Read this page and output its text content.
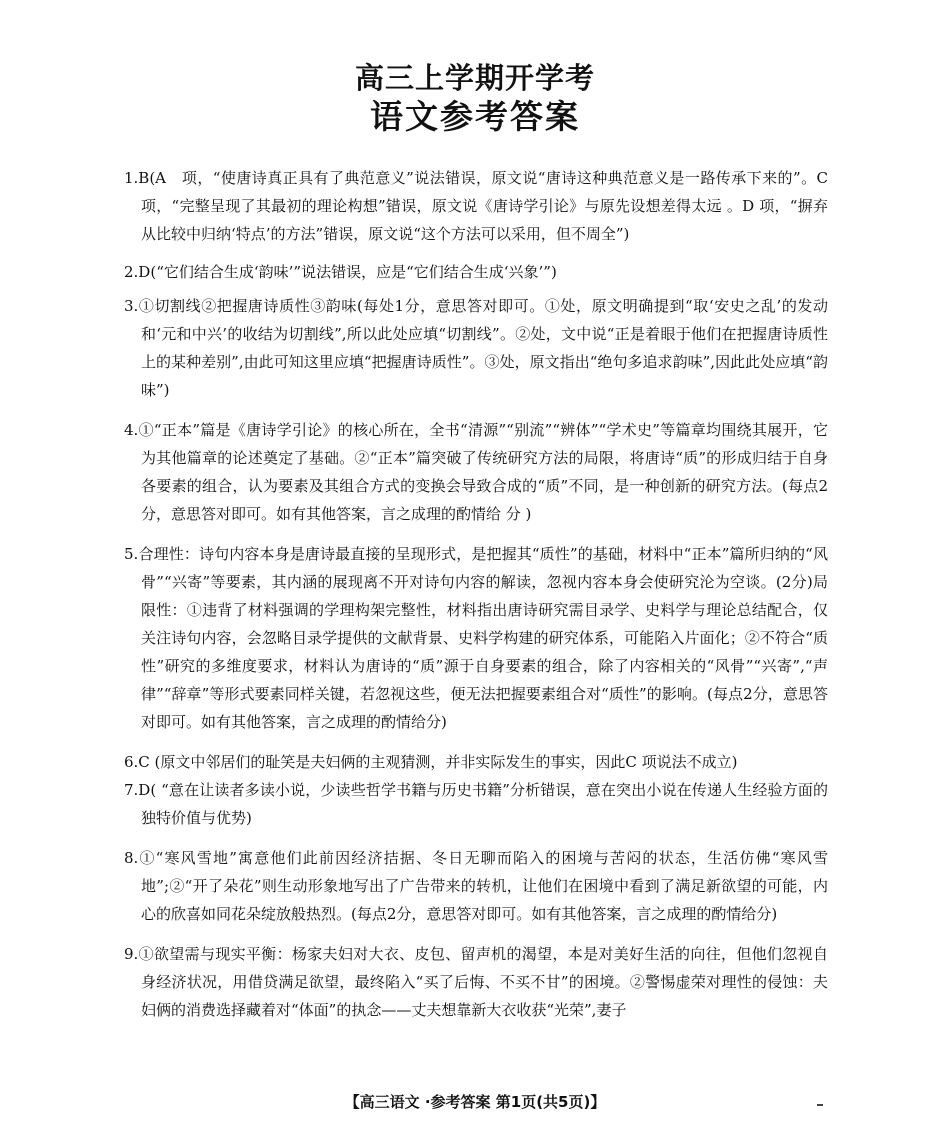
高三上学期开学考
语文参考答案

1.B(A　项，“使唐诗真正具有了典范意义”说法错误，原文说“唐诗这种典范意义是一路传承下来的”。C 项，“完整呈现了其最初的理论构想”错误，原文说《唐诗学引论》与原先设想差得太远 。D 项，“摒弃从比较中归纳‘特点’的方法”错误，原文说“这个方法可以采用，但不周全”)

2.D(“它们结合生成‘韵味’”说法错误，应是“它们结合生成‘兴象’”)

3.①切割线②把握唐诗质性③韵味(每处1分，意思答对即可。①处，原文明确提到“取‘安史之乱’的发动和‘元和中兴’的收结为切割线”,所以此处应填“切割线”。②处，文中说“正是着眼于他们在把握唐诗质性上的某种差别”,由此可知这里应填“把握唐诗质性”。③处，原文指出“绝句多追求韵味”,因此此处应填“韵味”)

4.①“正本”篇是《唐诗学引论》的核心所在，全书“清源”“别流”“辨体”“学术史”等篇章均围绕其展开，它为其他篇章的论述奠定了基础。②“正本”篇突破了传统研究方法的局限，将唐诗“质”的形成归结于自身各要素的组合，认为要素及其组合方式的变换会导致合成的“质”不同，是一种创新的研究方法。(每点2分，意思答对即可。如有其他答案，言之成理的酌情给 分 )

5.合理性：诗句内容本身是唐诗最直接的呈现形式，是把握其“质性”的基础，材料中“正本”篇所归纳的“风骨”“兴寄”等要素，其内涵的展现离不开对诗句内容的解读，忽视内容本身会使研究沦为空谈。(2分)局限性：①违背了材料强调的学理构架完整性，材料指出唐诗研究需目录学、史料学与理论总结配合，仅关注诗句内容，会忽略目录学提供的文献背景、史料学构建的研究体系，可能陷入片面化；②不符合“质性”研究的多维度要求，材料认为唐诗的“质”源于自身要素的组合，除了内容相关的“风骨”“兴寄”,“声律”“辞章”等形式要素同样关键，若忽视这些，便无法把握要素组合对“质性”的影响。(每点2分，意思答对即可。如有其他答案，言之成理的酌情给分)

6.C (原文中邻居们的耻笑是夫妇俩的主观猜测，并非实际发生的事实，因此C 项说法不成立)

7.D( “意在让读者多读小说，少读些哲学书籍与历史书籍”分析错误，意在突出小说在传递人生经验方面的独特价值与优势)

8.①“寒风雪地”寓意他们此前因经济拮据、冬日无聊而陷入的困境与苦闷的状态，生活仿佛“寒风雪地”;②“开了朵花”则生动形象地写出了广告带来的转机，让他们在困境中看到了满足新欲望的可能，内心的欣喜如同花朵绽放般热烈。(每点2分，意思答对即可。如有其他答案，言之成理的酌情给分)

9.①欲望需与现实平衡：杨家夫妇对大衣、皮包、留声机的渴望，本是对美好生活的向往，但他们忽视自身经济状况，用借贷满足欲望，最终陷入“买了后悔、不买不甘”的困境。②警惕虚荣对理性的侵蚀：夫妇俩的消费选择藏着对“体面”的执念——丈夫想靠新大衣收获“光荣”,妻子

【高三语文 ·参考答案 第1页(共5页)】
